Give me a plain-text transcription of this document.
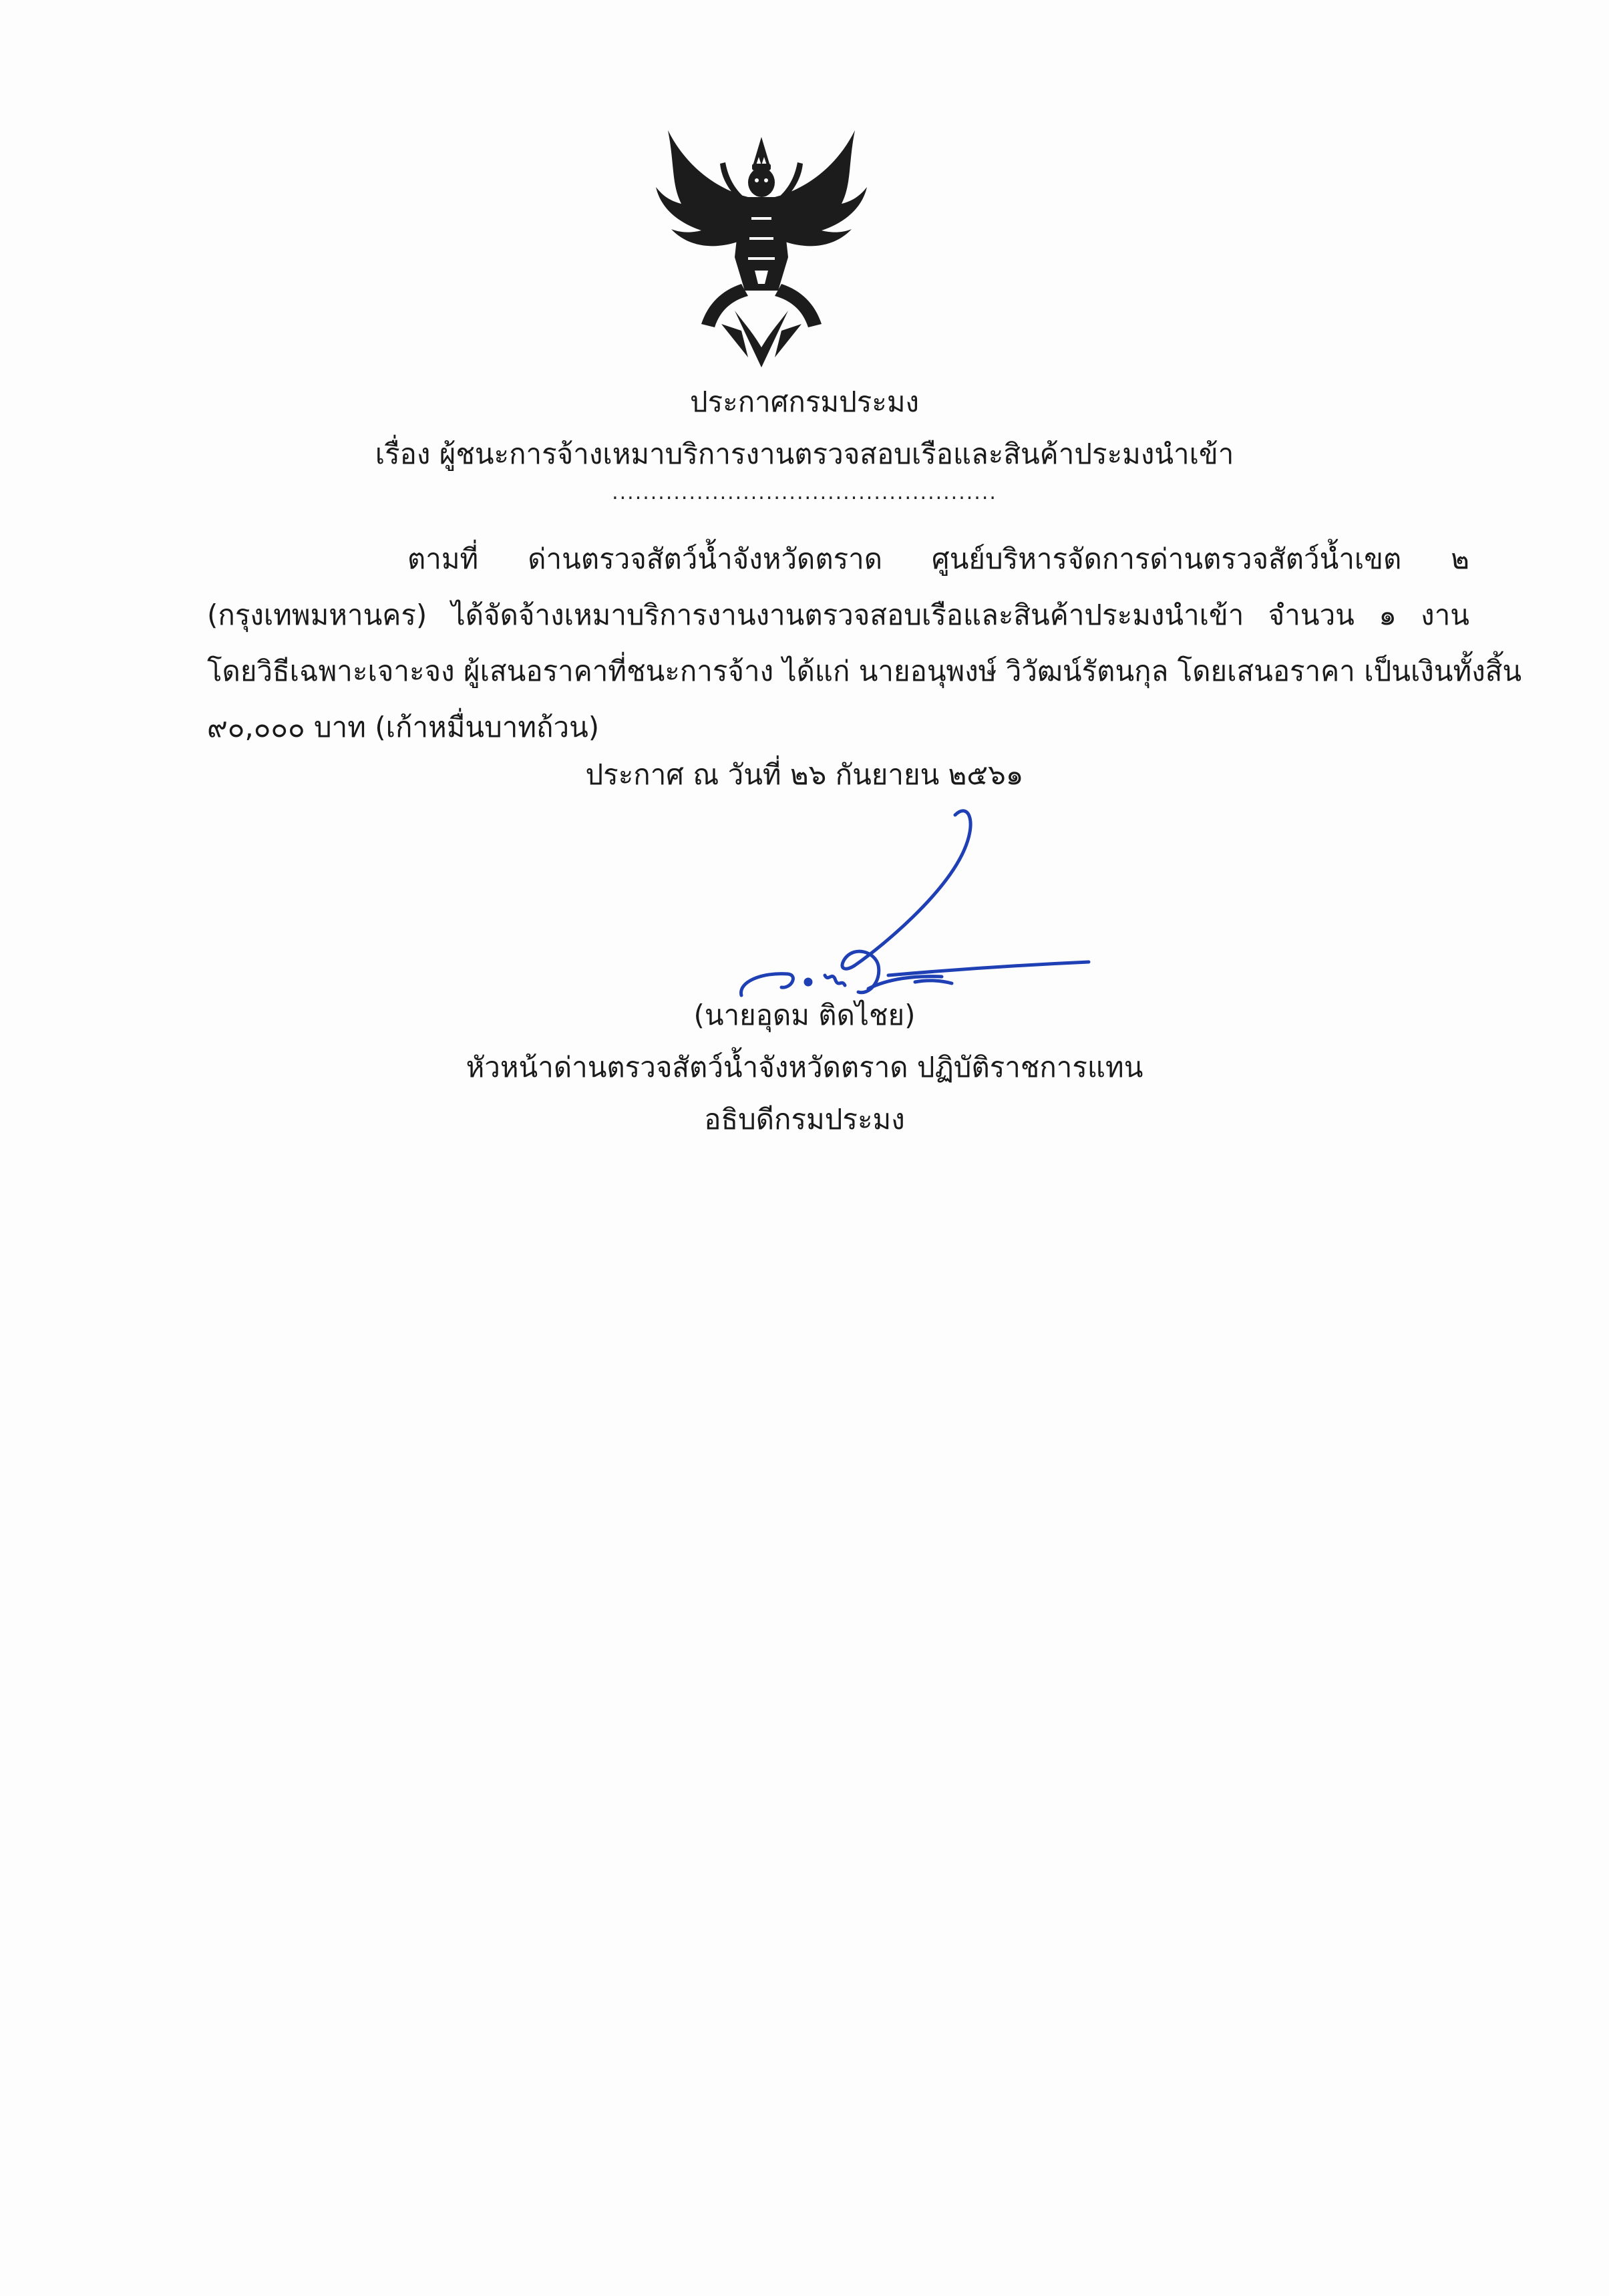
ประกาศกรมประมง
เรื่อง ผู้ชนะการจ้างเหมาบริการงานตรวจสอบเรือและสินค้าประมงนำเข้า
..................................................
ตามที่ ด่านตรวจสัตว์น้ำจังหวัดตราด ศูนย์บริหารจัดการด่านตรวจสัตว์น้ำเขต ๒
(กรุงเทพมหานคร) ได้จัดจ้างเหมาบริการงานงานตรวจสอบเรือและสินค้าประมงนำเข้า จำนวน ๑ งาน
โดยวิธีเฉพาะเจาะจง ผู้เสนอราคาที่ชนะการจ้าง ได้แก่ นายอนุพงษ์ วิวัฒน์รัตนกุล โดยเสนอราคา เป็นเงินทั้งสิ้น
๙๐,๐๐๐ บาท (เก้าหมื่นบาทถ้วน)
ประกาศ ณ วันที่ ๒๖ กันยายน ๒๕๖๑
(นายอุดม ติดไชย)
หัวหน้าด่านตรวจสัตว์น้ำจังหวัดตราด ปฏิบัติราชการแทน
อธิบดีกรมประมง
